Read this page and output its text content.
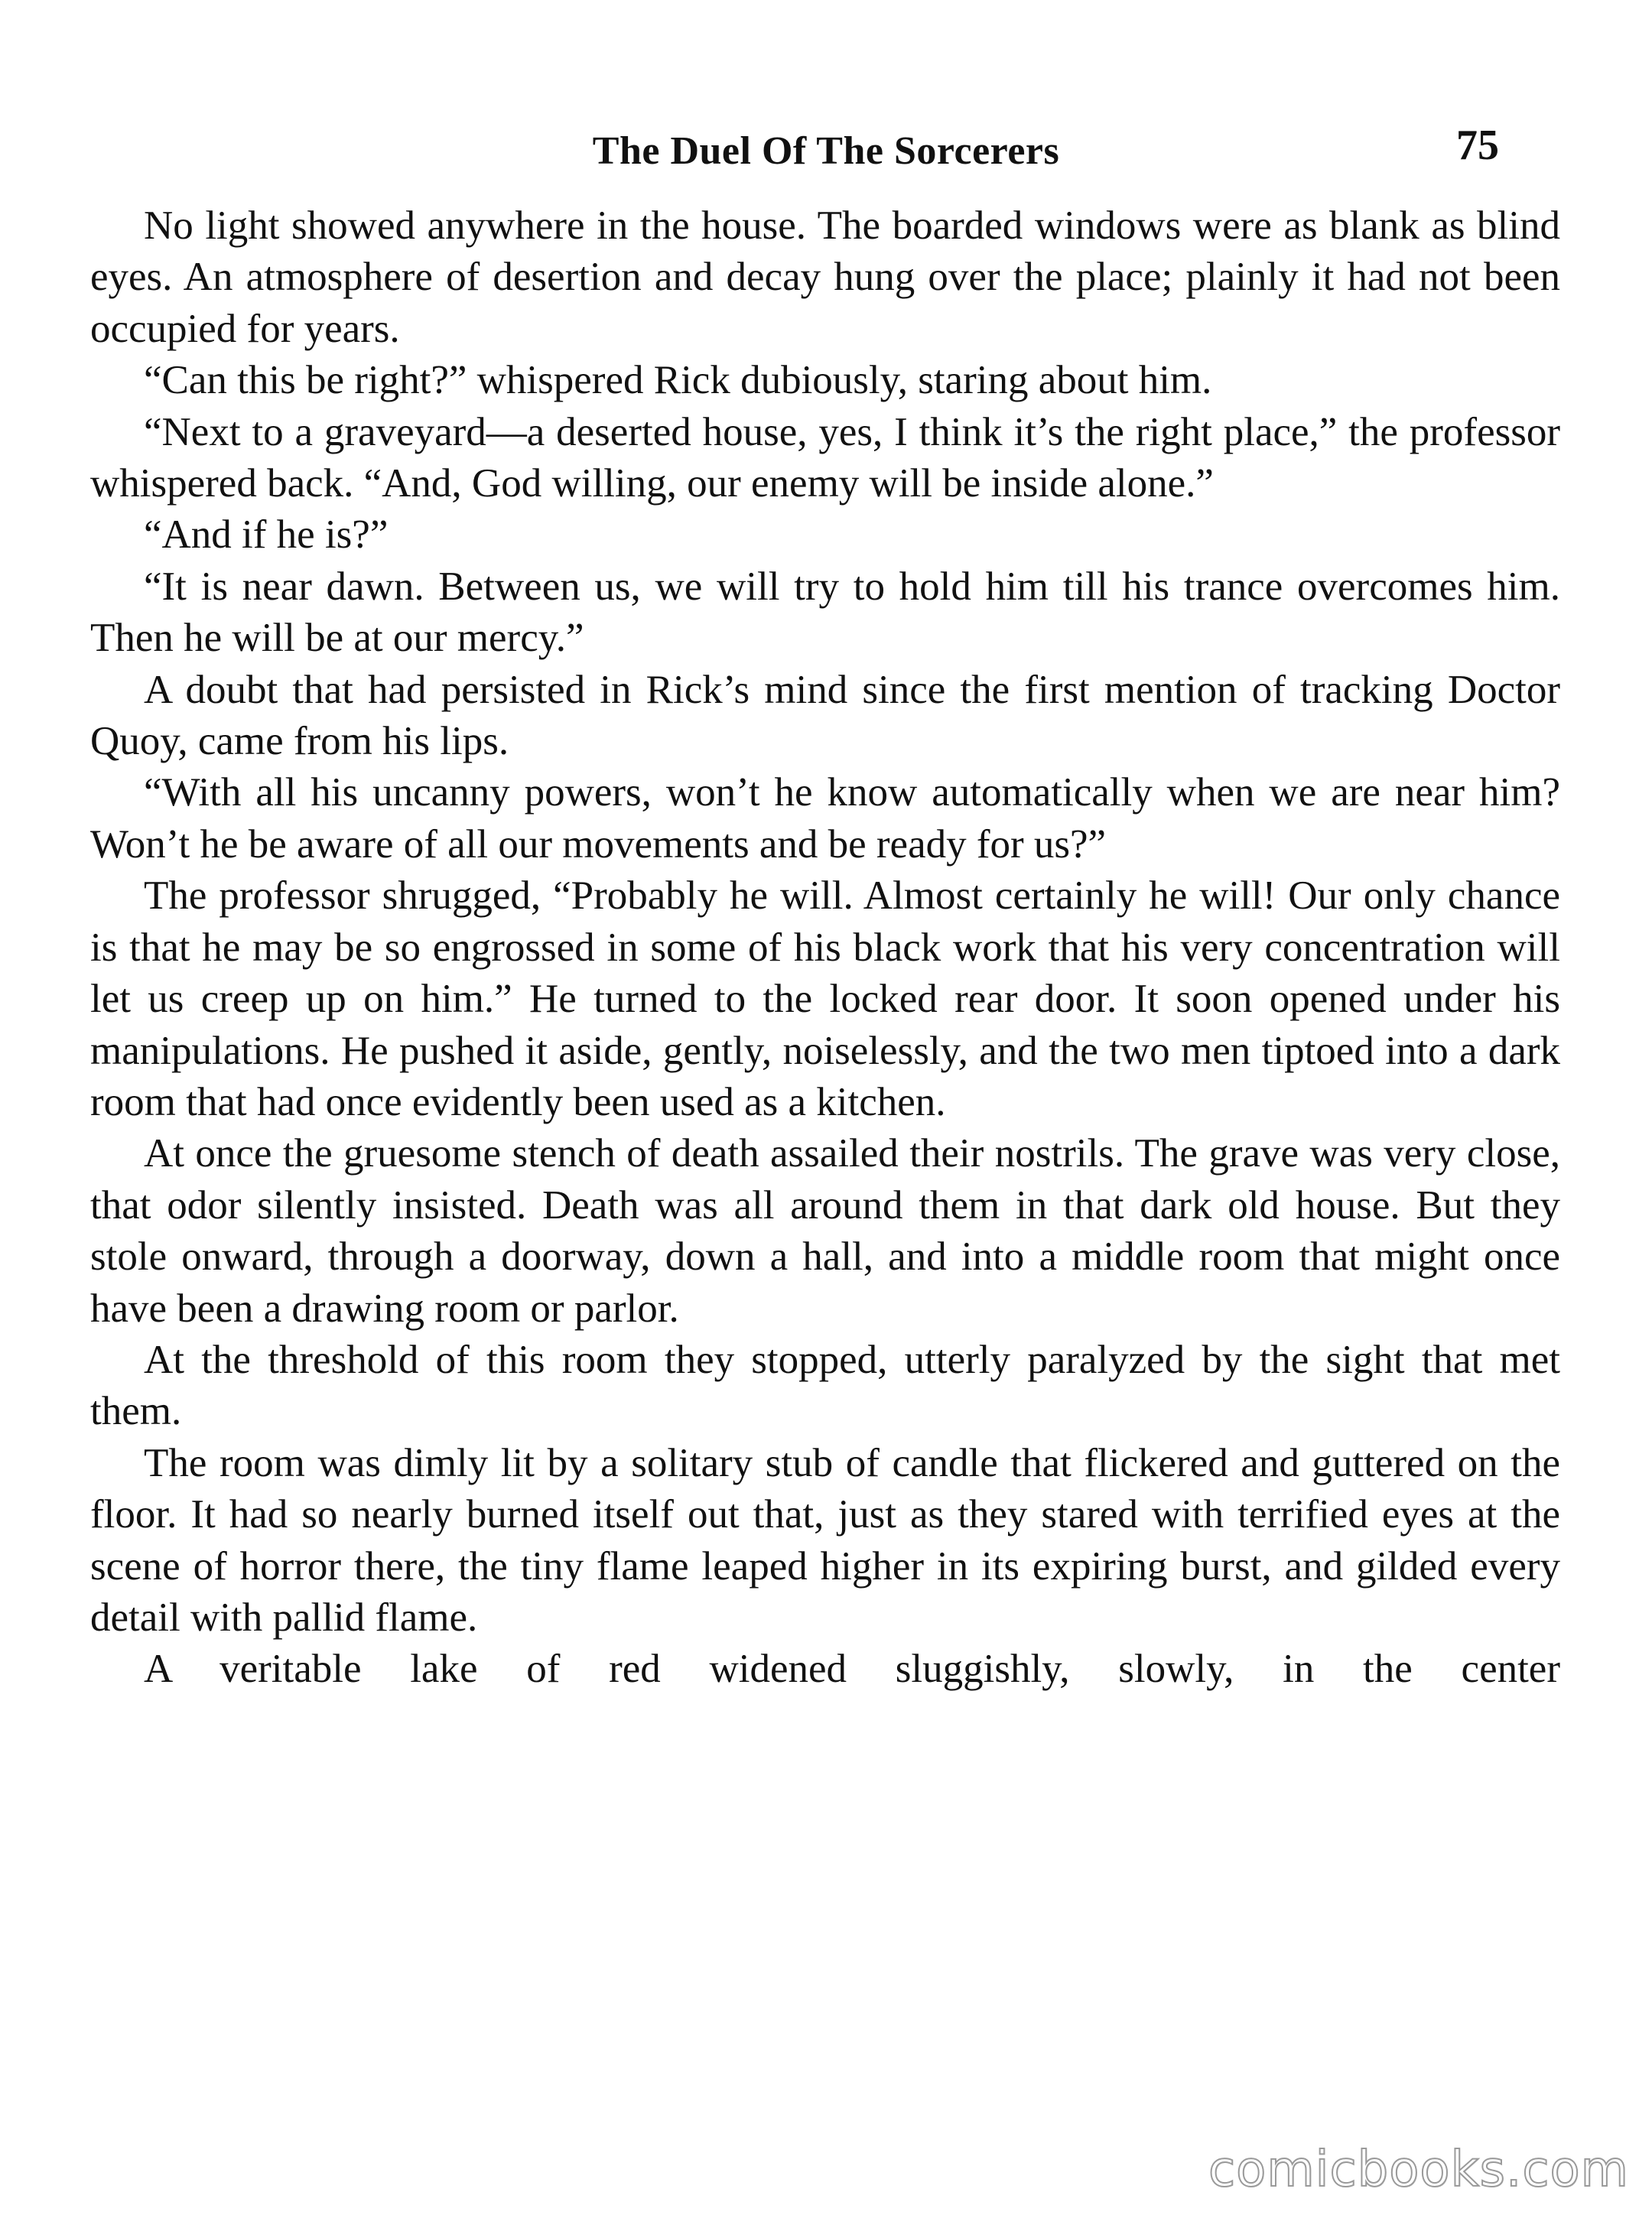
The Duel Of The Sorcerers	75

No light showed anywhere in the house. The boarded windows were as blank as blind eyes. An atmosphere of desertion and decay hung over the place; plainly it had not been occupied for years.

“Can this be right?” whispered Rick dubiously, staring about him.

“Next to a graveyard—a deserted house, yes, I think it’s the right place,” the professor whispered back. “And, God willing, our enemy will be inside alone.”

“And if he is?”

“It is near dawn. Between us, we will try to hold him till his trance overcomes him. Then he will be at our mercy.”

A doubt that had persisted in Rick’s mind since the first mention of tracking Doctor Quoy, came from his lips.

“With all his uncanny powers, won’t he know automatically when we are near him? Won’t he be aware of all our movements and be ready for us?”

The professor shrugged, “Probably he will. Almost certainly he will! Our only chance is that he may be so engrossed in some of his black work that his very concentration will let us creep up on him.” He turned to the locked rear door. It soon opened under his manipulations. He pushed it aside, gently, noiselessly, and the two men tiptoed into a dark room that had once evidently been used as a kitchen.

At once the gruesome stench of death assailed their nostrils. The grave was very close, that odor silently insisted. Death was all around them in that dark old house. But they stole onward, through a doorway, down a hall, and into a middle room that might once have been a drawing room or parlor.

At the threshold of this room they stopped, utterly paralyzed by the sight that met them.

The room was dimly lit by a solitary stub of candle that flickered and guttered on the floor. It had so nearly burned itself out that, just as they stared with terrified eyes at the scene of horror there, the tiny flame leaped higher in its expiring burst, and gilded every detail with pallid flame.

A veritable lake of red widened sluggishly, slowly, in the center

comicbooks.com
